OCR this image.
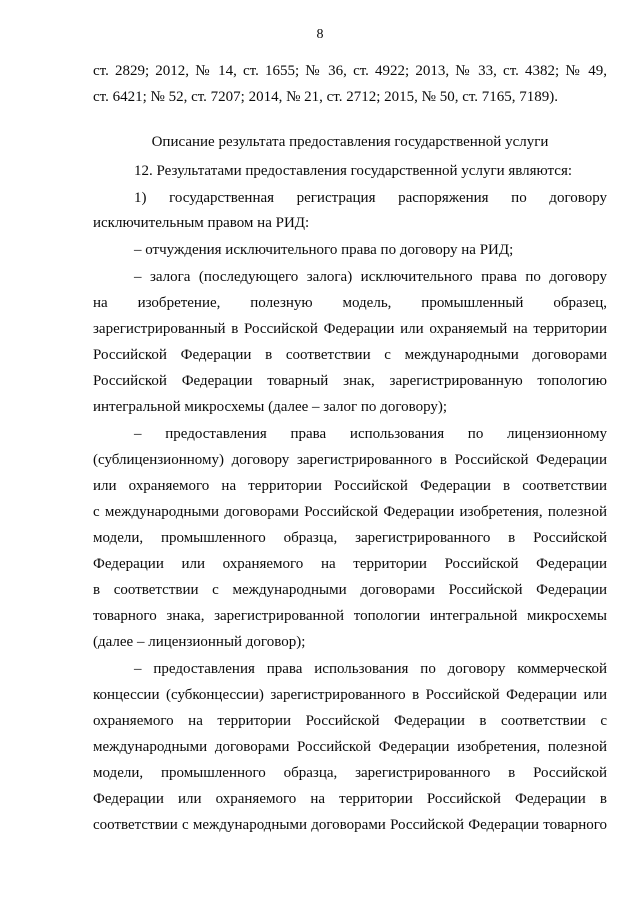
8
ст. 2829; 2012, № 14, ст. 1655; № 36, ст. 4922; 2013, № 33, ст. 4382; № 49,
ст. 6421; № 52, ст. 7207; 2014, № 21, ст. 2712; 2015, № 50, ст. 7165, 7189).
Описание результата предоставления государственной услуги
12. Результатами предоставления государственной услуги являются:
1) государственная регистрация распоряжения по договору
исключительным правом на РИД:
– отчуждения исключительного права по договору на РИД;
– залога (последующего залога) исключительного права по договору
на изобретение, полезную модель, промышленный образец,
зарегистрированный в Российской Федерации или охраняемый на территории
Российской Федерации в соответствии с международными договорами
Российской Федерации товарный знак, зарегистрированную топологию
интегральной микросхемы (далее – залог по договору);
– предоставления права использования по лицензионному
(сублицензионному) договору зарегистрированного в Российской Федерации
или охраняемого на территории Российской Федерации в соответствии
с международными договорами Российской Федерации изобретения, полезной
модели, промышленного образца, зарегистрированного в Российской
Федерации или охраняемого на территории Российской Федерации
в соответствии с международными договорами Российской Федерации
товарного знака, зарегистрированной топологии интегральной микросхемы
(далее – лицензионный договор);
– предоставления права использования по договору коммерческой
концессии (субконцессии) зарегистрированного в Российской Федерации или
охраняемого на территории Российской Федерации в соответствии с
международными договорами Российской Федерации изобретения, полезной
модели, промышленного образца, зарегистрированного в Российской
Федерации или охраняемого на территории Российской Федерации в
соответствии с международными договорами Российской Федерации товарного
